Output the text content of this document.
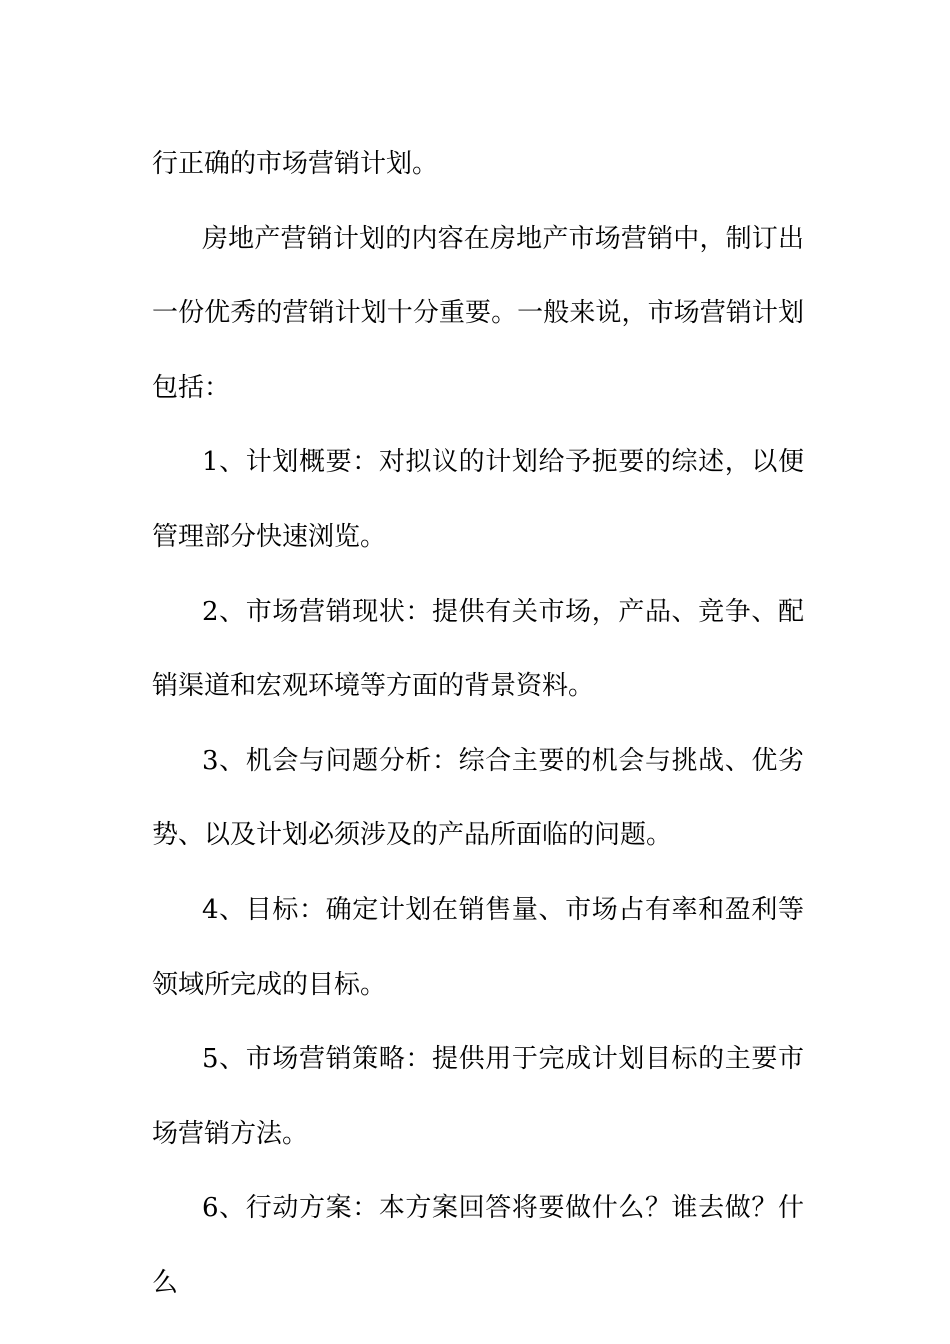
行正确的市场营销计划。

房地产营销计划的内容在房地产市场营销中，制订出一份优秀的营销计划十分重要。一般来说，市场营销计划包括：

1、计划概要：对拟议的计划给予扼要的综述，以便管理部分快速浏览。

2、市场营销现状：提供有关市场，产品、竞争、配销渠道和宏观环境等方面的背景资料。

3、机会与问题分析：综合主要的机会与挑战、优劣势、以及计划必须涉及的产品所面临的问题。

4、目标：确定计划在销售量、市场占有率和盈利等领域所完成的目标。

5、市场营销策略：提供用于完成计划目标的主要市场营销方法。

6、行动方案：本方案回答将要做什么？谁去做？什么
